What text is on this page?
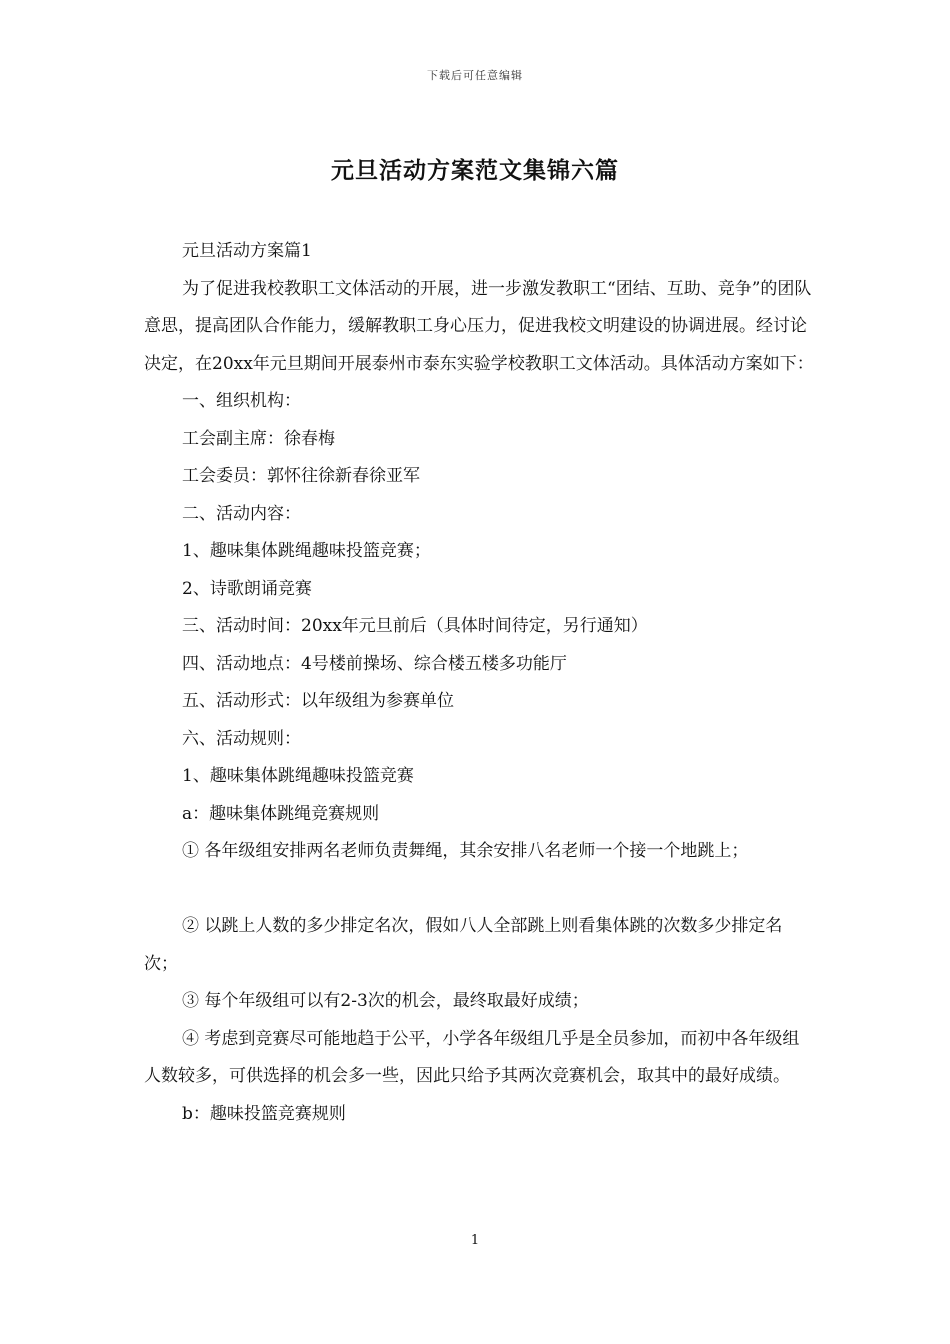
下载后可任意编辑
元旦活动方案范文集锦六篇

元旦活动方案篇1

为了促进我校教职工文体活动的开展，进一步激发教职工“团结、互助、竞争”的团队意思，提高团队合作能力，缓解教职工身心压力，促进我校文明建设的协调进展。经讨论决定，在20xx年元旦期间开展泰州市泰东实验学校教职工文体活动。具体活动方案如下：

一、组织机构：

工会副主席：徐春梅

工会委员：郭怀往徐新春徐亚军

二、活动内容：

1、趣味集体跳绳趣味投篮竞赛；

2、诗歌朗诵竞赛

三、活动时间：20xx年元旦前后（具体时间待定，另行通知）

四、活动地点：4号楼前操场、综合楼五楼多功能厅

五、活动形式：以年级组为参赛单位

六、活动规则：

1、趣味集体跳绳趣味投篮竞赛

a：趣味集体跳绳竞赛规则

① 各年级组安排两名老师负责舞绳，其余安排八名老师一个接一个地跳上；

② 以跳上人数的多少排定名次，假如八人全部跳上则看集体跳的次数多少排定名次；

③ 每个年级组可以有2-3次的机会，最终取最好成绩；

④ 考虑到竞赛尽可能地趋于公平，小学各年级组几乎是全员参加，而初中各年级组人数较多，可供选择的机会多一些，因此只给予其两次竞赛机会，取其中的最好成绩。

b：趣味投篮竞赛规则

1
